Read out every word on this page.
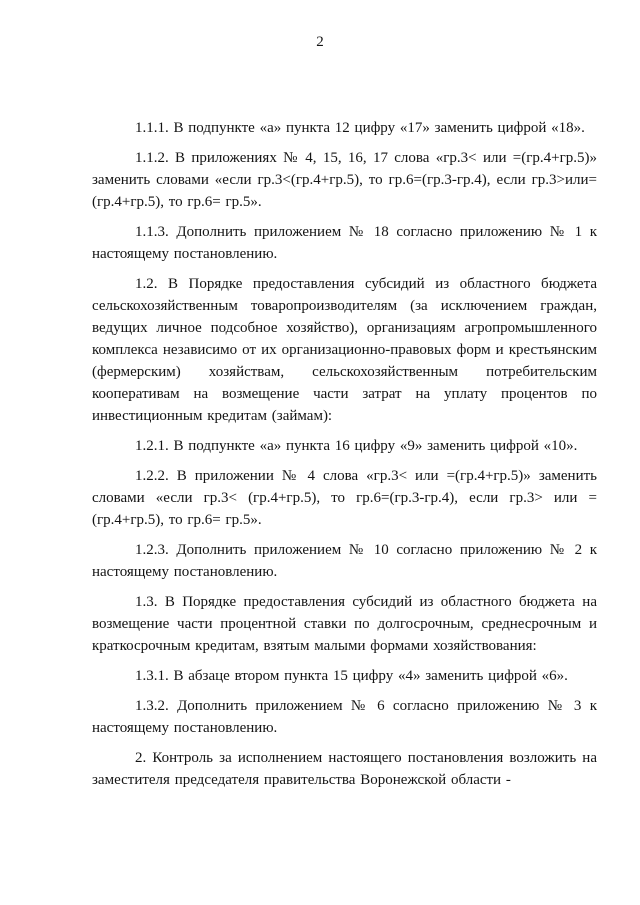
2

1.1.1. В подпункте «а» пункта 12 цифру «17» заменить цифрой «18».

1.1.2. В приложениях № 4, 15, 16, 17 слова «гр.3< или =(гр.4+гр.5)» заменить словами «если гр.3<(гр.4+гр.5), то гр.6=(гр.3-гр.4), если гр.3>или= (гр.4+гр.5), то гр.6= гр.5».

1.1.3. Дополнить приложением № 18 согласно приложению № 1 к настоящему постановлению.

1.2. В Порядке предоставления субсидий из областного бюджета сельскохозяйственным товаропроизводителям (за исключением граждан, ведущих личное подсобное хозяйство), организациям агропромышленного комплекса независимо от их организационно-правовых форм и крестьянским (фермерским) хозяйствам, сельскохозяйственным потребительским кооперативам на возмещение части затрат на уплату процентов по инвестиционным кредитам (займам):

1.2.1. В подпункте «а» пункта 16 цифру «9» заменить цифрой «10».

1.2.2. В приложении № 4 слова «гр.3< или =(гр.4+гр.5)» заменить словами «если гр.3< (гр.4+гр.5), то гр.6=(гр.3-гр.4), если гр.3> или = (гр.4+гр.5), то гр.6= гр.5».

1.2.3. Дополнить приложением № 10 согласно приложению № 2 к настоящему постановлению.

1.3. В Порядке предоставления субсидий из областного бюджета на возмещение части процентной ставки по долгосрочным, среднесрочным и краткосрочным кредитам, взятым малыми формами хозяйствования:

1.3.1. В абзаце втором пункта 15 цифру «4» заменить цифрой «6».

1.3.2. Дополнить приложением № 6 согласно приложению № 3 к настоящему постановлению.

2. Контроль за исполнением настоящего постановления возложить на заместителя председателя правительства Воронежской области -
